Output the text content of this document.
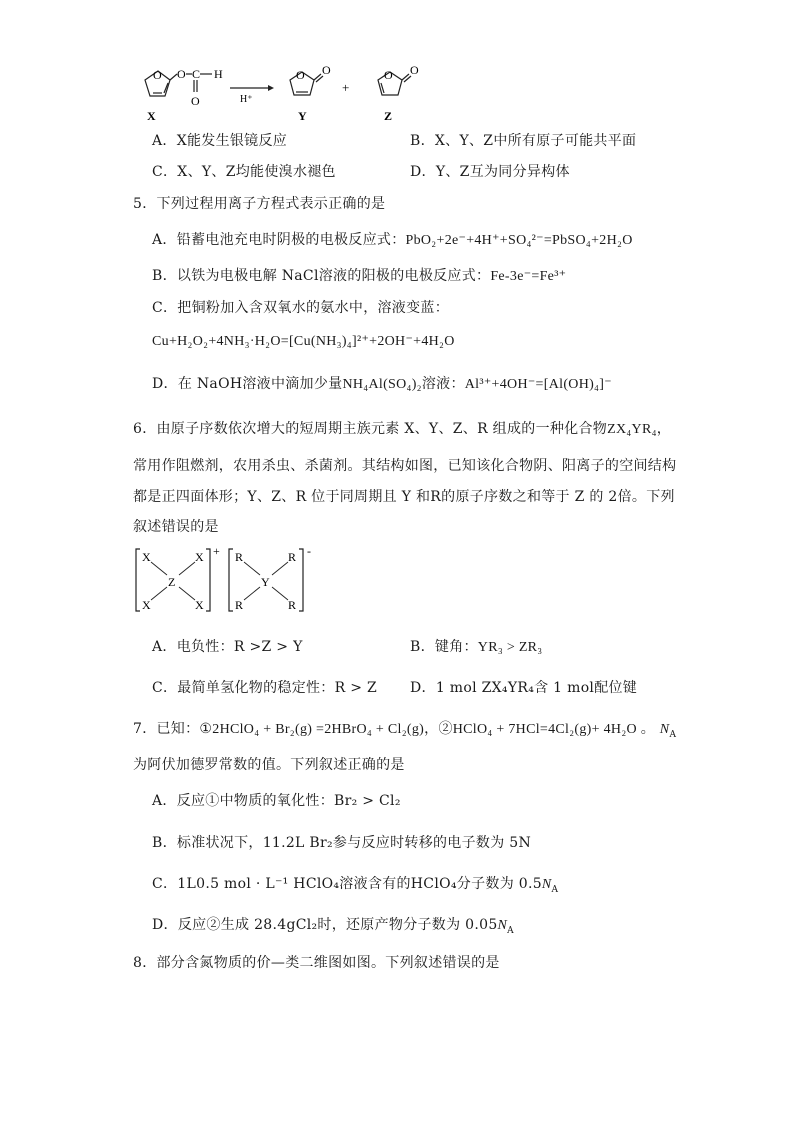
O O C H
O
X
H⁺
O O
Y
+
O O
Z
A．X能发生银镜反应	B．X、Y、Z中所有原子可能共平面
C．X、Y、Z均能使溴水褪色	D．Y、Z互为同分异构体
5．下列过程用离子方程式表示正确的是
A．铅蓄电池充电时阴极的电极反应式：PbO₂+2e⁻+4H⁺+SO₄²⁻=PbSO₄+2H₂O
B．以铁为电极电解 NaCl溶液的阳极的电极反应式：Fe-3e⁻=Fe³⁺
C．把铜粉加入含双氧水的氨水中，溶液变蓝：
Cu+H₂O₂+4NH₃·H₂O=[Cu(NH₃)₄]²⁺+2OH⁻+4H₂O
D．在 NaOH溶液中滴加少量NH₄Al(SO₄)₂溶液：Al³⁺+4OH⁻=[Al(OH)₄]⁻
6．由原子序数依次增大的短周期主族元素 X、Y、Z、R 组成的一种化合物ZX₄YR₄，
常用作阻燃剂，农用杀虫、杀菌剂。其结构如图，已知该化合物阴、阳离子的空间结构
都是正四面体形；Y、Z、R 位于同周期且 Y 和R的原子序数之和等于 Z 的 2倍。下列
叙述错误的是
X	X
Z
X	X
+ R	R
Y
R	R
-
A．电负性：R >Z > Y	B．键角：YR₃ > ZR₃
C．最简单氢化物的稳定性：R > Z D．1 mol ZX₄YR₄含 1 mol配位键
7．已知：①2HClO₄ + Br₂(g) =2HBrO₄ + Cl₂(g)，②HClO₄ + 7HCl=4Cl₂(g)+ 4H₂O 。 $N_A$
为阿伏加德罗常数的值。下列叙述正确的是
A．反应①中物质的氧化性：Br₂ > Cl₂
B．标准状况下，11.2L Br₂参与反应时转移的电子数为 5N
C．1L0.5 mol · L⁻¹ HClO₄溶液含有的HClO₄分子数为 $0.5N_A$
D．反应②生成 28.4gCl₂时，还原产物分子数为 $0.05N_A$
8．部分含氮物质的价—类二维图如图。下列叙述错误的是
